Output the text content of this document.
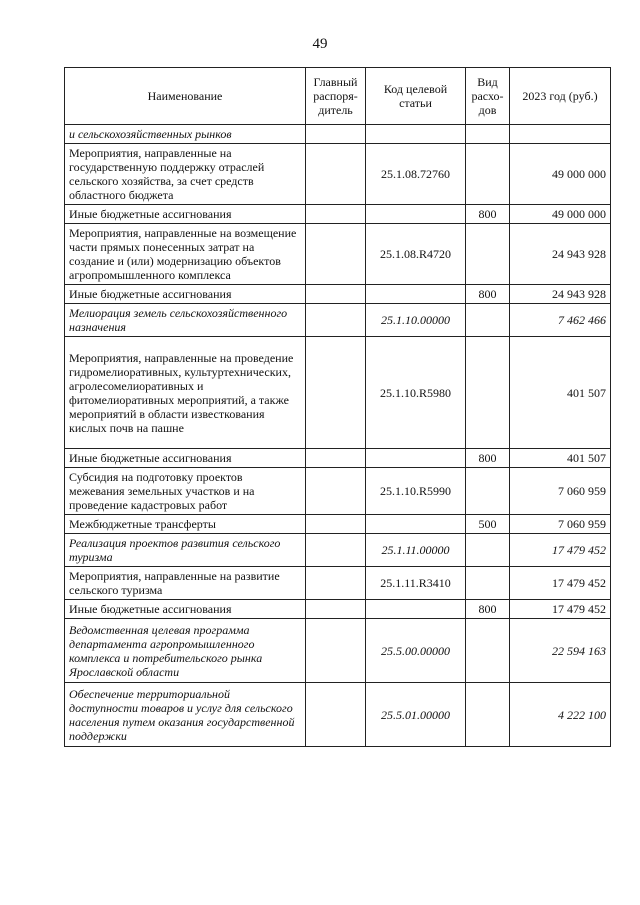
49
Наименование	Главный распоря- дитель	Код целевой статьи	Вид расхо- дов	2023 год (руб.)
и сельскохозяйственных рынков				
Мероприятия, направленные на государственную поддержку отраслей сельского хозяйства, за счет средств областного бюджета		25.1.08.72760		49 000 000
Иные бюджетные ассигнования			800	49 000 000
Мероприятия, направленные на возмещение части прямых понесенных затрат на создание и (или) модернизацию объектов агропромышленного комплекса		25.1.08.R4720		24 943 928
Иные бюджетные ассигнования			800	24 943 928
Мелиорация земель сельскохозяйственного назначения		25.1.10.00000		7 462 466
Мероприятия, направленные на проведение гидромелиоративных, культуртехнических, агролесомелиоративных и фитомелиоративных мероприятий, а также мероприятий в области известкования кислых почв на пашне		25.1.10.R5980		401 507
Иные бюджетные ассигнования			800	401 507
Субсидия на подготовку проектов межевания земельных участков и на проведение кадастровых работ		25.1.10.R5990		7 060 959
Межбюджетные трансферты			500	7 060 959
Реализация проектов развития сельского туризма		25.1.11.00000		17 479 452
Мероприятия, направленные на развитие сельского туризма		25.1.11.R3410		17 479 452
Иные бюджетные ассигнования			800	17 479 452
Ведомственная целевая программа департамента агропромышленного комплекса и потребительского рынка Ярославской области		25.5.00.00000		22 594 163
Обеспечение территориальной доступности товаров и услуг для сельского населения путем оказания государственной поддержки		25.5.01.00000		4 222 100
